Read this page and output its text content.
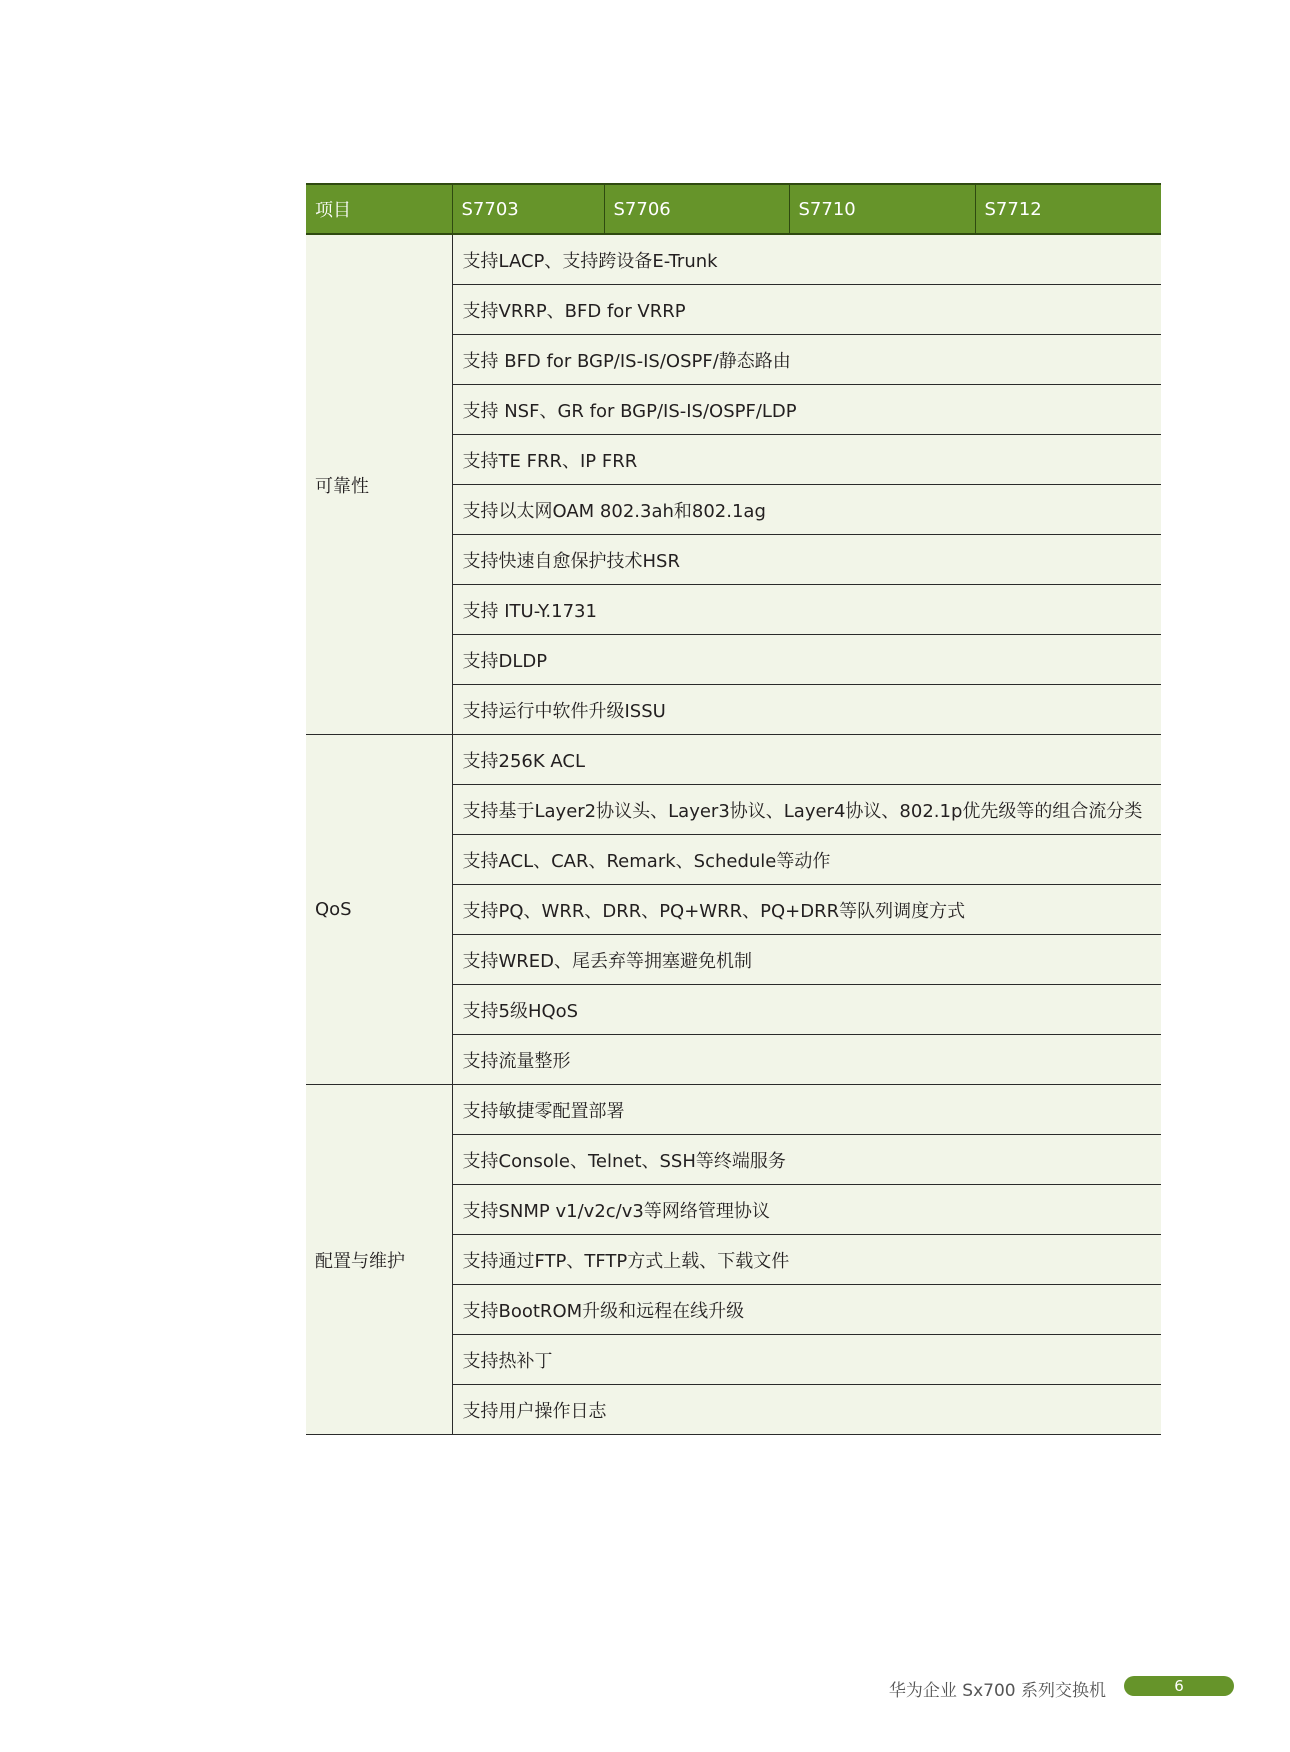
项目	S7703	S7706	S7710	S7712
可靠性	支持LACP、支持跨设备E-Trunk			
	支持VRRP、BFD for VRRP			
	支持 BFD for BGP/IS-IS/OSPF/静态路由			
	支持 NSF、GR for BGP/IS-IS/OSPF/LDP			
	支持TE FRR、IP FRR			
	支持以太网OAM 802.3ah和802.1ag			
	支持快速自愈保护技术HSR			
	支持 ITU-Y.1731			
	支持DLDP			
	支持运行中软件升级ISSU			
QoS	支持256K ACL			
	支持基于Layer2协议头、Layer3协议、Layer4协议、802.1p优先级等的组合流分类			
	支持ACL、CAR、Remark、Schedule等动作			
	支持PQ、WRR、DRR、PQ+WRR、PQ+DRR等队列调度方式			
	支持WRED、尾丢弃等拥塞避免机制			
	支持5级HQoS			
	支持流量整形			
配置与维护	支持敏捷零配置部署			
	支持Console、Telnet、SSH等终端服务			
	支持SNMP v1/v2c/v3等网络管理协议			
	支持通过FTP、TFTP方式上载、下载文件			
	支持BootROM升级和远程在线升级			
	支持热补丁			
	支持用户操作日志			
华为企业 Sx700 系列交换机	6
